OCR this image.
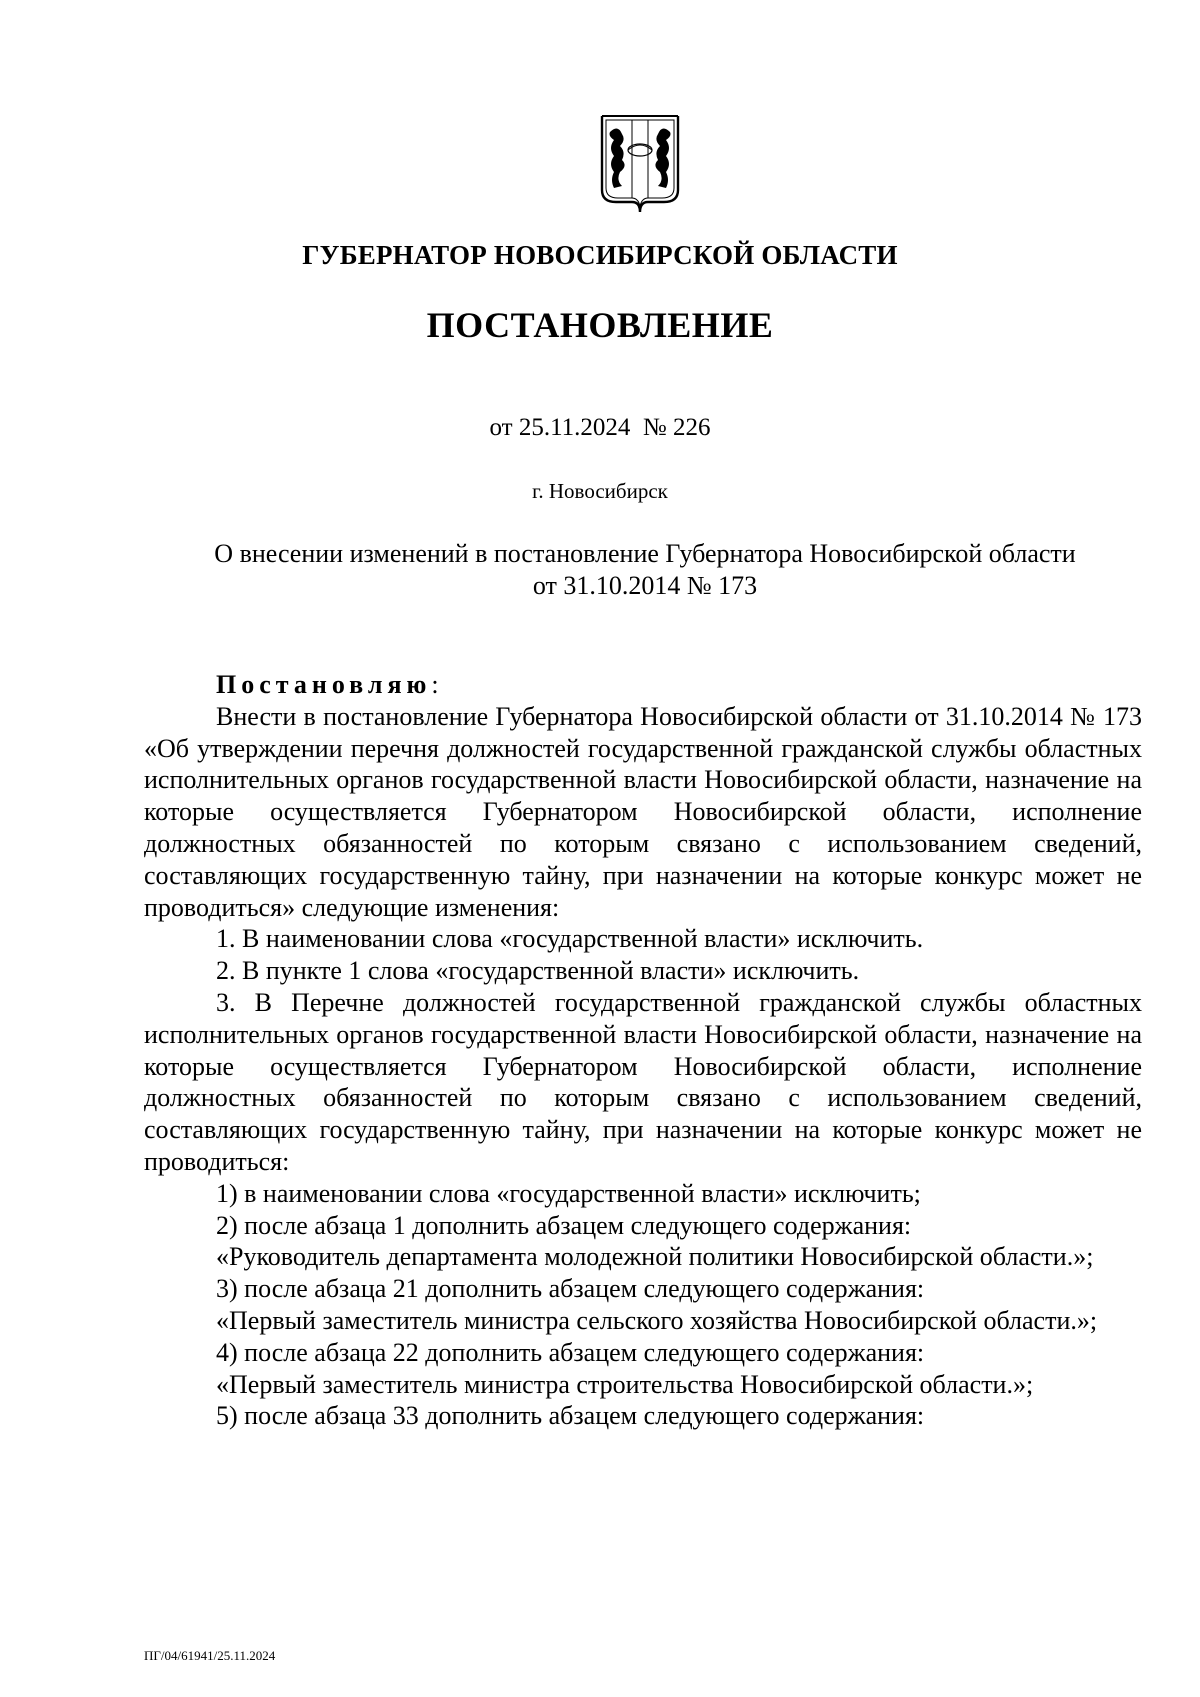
ГУБЕРНАТОР НОВОСИБИРСКОЙ ОБЛАСТИ
ПОСТАНОВЛЕНИЕ
от 25.11.2024  № 226
г. Новосибирск
О внесении изменений в постановление Губернатора Новосибирской области
от 31.10.2014 № 173

Постановляю:

Внести в постановление Губернатора Новосибирской области от 31.10.2014 № 173 «Об утверждении перечня должностей государственной гражданской службы областных исполнительных органов государственной власти Новосибирской области, назначение на которые осуществляется Губернатором Новосибирской области, исполнение должностных обязанностей по которым связано с использованием сведений, составляющих государственную тайну, при назначении на которые конкурс может не проводиться» следующие изменения:

1. В наименовании слова «государственной власти» исключить.

2. В пункте 1 слова «государственной власти» исключить.

3. В Перечне должностей государственной гражданской службы областных исполнительных органов государственной власти Новосибирской области, назначение на которые осуществляется Губернатором Новосибирской области, исполнение должностных обязанностей по которым связано с использованием сведений, составляющих государственную тайну, при назначении на которые конкурс может не проводиться:

1) в наименовании слова «государственной власти» исключить;

2) после абзаца 1 дополнить абзацем следующего содержания:

«Руководитель департамента молодежной политики Новосибирской области.»;

3) после абзаца 21 дополнить абзацем следующего содержания:

«Первый заместитель министра сельского хозяйства Новосибирской области.»;

4) после абзаца 22 дополнить абзацем следующего содержания:

«Первый заместитель министра строительства Новосибирской области.»;

5) после абзаца 33 дополнить абзацем следующего содержания:

ПГ/04/61941/25.11.2024
